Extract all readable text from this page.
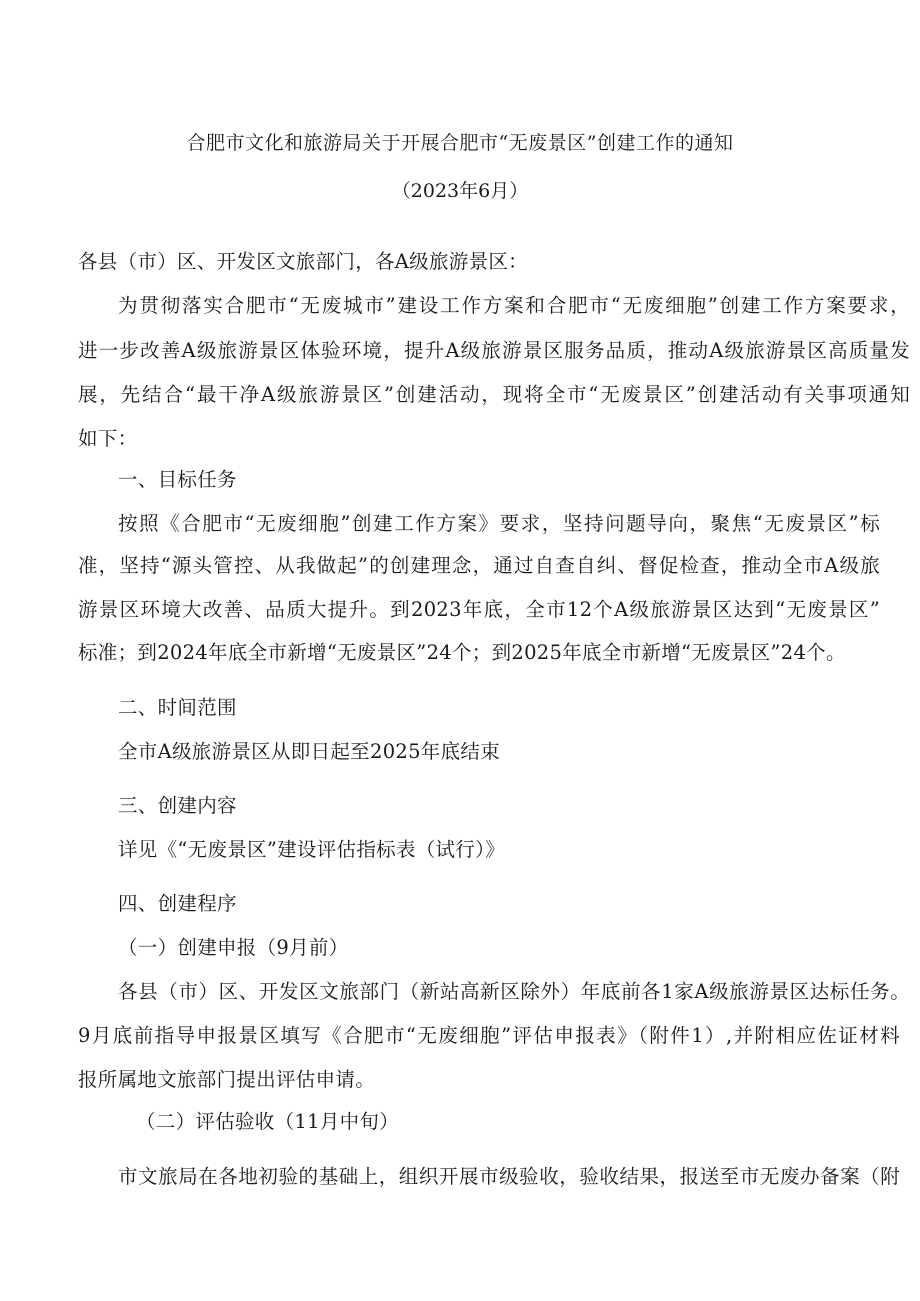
合肥市文化和旅游局关于开展合肥市“无废景区”创建工作的通知
（2023年6月）
各县（市）区、开发区文旅部门，各A级旅游景区：
为贯彻落实合肥市“无废城市”建设工作方案和合肥市“无废细胞”创建工作方案要求，
进一步改善A级旅游景区体验环境，提升A级旅游景区服务品质，推动A级旅游景区高质量发
展，先结合“最干净A级旅游景区”创建活动，现将全市“无废景区”创建活动有关事项通知
如下：
一、目标任务
按照《合肥市“无废细胞”创建工作方案》要求，坚持问题导向，聚焦“无废景区”标
准，坚持“源头管控、从我做起”的创建理念，通过自查自纠、督促检查，推动全市A级旅
游景区环境大改善、品质大提升。到2023年底，全市12个A级旅游景区达到“无废景区”
标准；到2024年底全市新增“无废景区”24个；到2025年底全市新增“无废景区”24个。
二、时间范围
全市A级旅游景区从即日起至2025年底结束
三、创建内容
详见《“无废景区”建设评估指标表（试行）》
四、创建程序
（一）创建申报（9月前）
各县（市）区、开发区文旅部门（新站高新区除外）年底前各1家A级旅游景区达标任务。
9月底前指导申报景区填写《合肥市“无废细胞”评估申报表》（附件1）,并附相应佐证材料
报所属地文旅部门提出评估申请。
（二）评估验收（11月中旬）
市文旅局在各地初验的基础上，组织开展市级验收，验收结果，报送至市无废办备案（附
